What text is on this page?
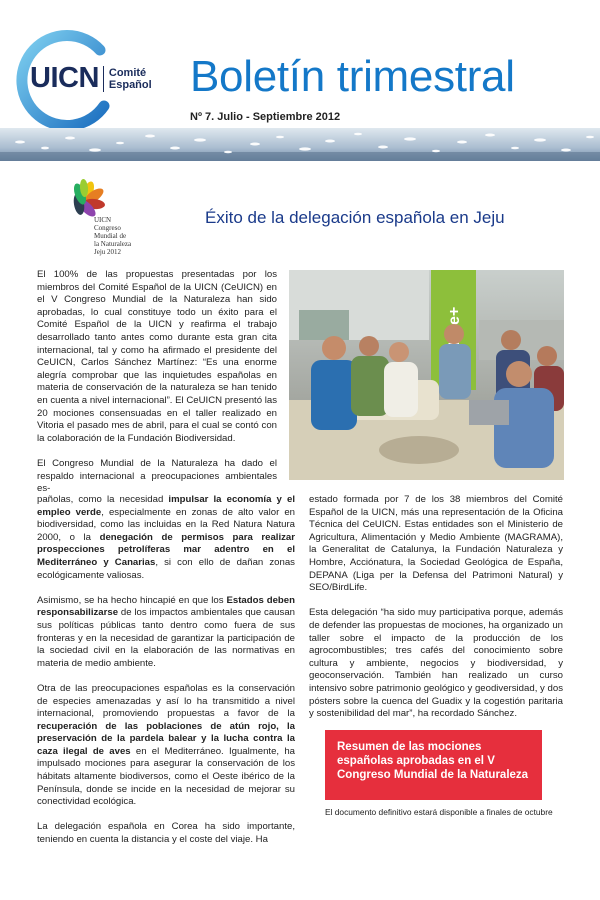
UICN Comité
Español Boletín trimestral
Nº 7. Julio - Septiembre 2012
UICN
Congreso
Mundial de
la Naturaleza
Jeju 2012
Éxito de la delegación española en Jeju

El 100% de las propuestas presentadas por los miembros del Comité Español de la UICN (CeUICN) en el V Congreso Mundial de la Naturaleza han sido aprobadas, lo cual constituye todo un éxito para el Comité Español de la UICN y reafirma el trabajo desarrollado tanto antes como durante esta gran cita internacional, tal y como ha afirmado el presidente del CeUICN, Carlos Sánchez Martínez: “Es una enorme alegría comprobar que las inquietudes españolas en materia de conservación de la naturaleza se han tenido en cuenta a nivel internacional”. El CeUICN presentó las 20 mociones consensuadas en el taller realizado en Vitoria el pasado mes de abril, para el cual se contó con la colaboración de la Fundación Biodiversidad.

El Congreso Mundial de la Naturaleza ha dado el respaldo internacional a preocupaciones ambientales es-

pañolas, como la necesidad impulsar la economía y el empleo verde, especialmente en zonas de alto valor en biodiversidad, como las incluidas en la Red Natura Natura 2000, o la denegación de permisos para realizar prospecciones petrolíferas mar adentro en el Mediterráneo y Canarias, si con ello de dañan zonas ecológicamente valiosas.

Asimismo, se ha hecho hincapié en que los Estados deben responsabilizarse de los impactos ambientales que causan sus políticas públicas tanto dentro como fuera de sus fronteras y en la necesidad de garantizar la participación de la sociedad civil en la elaboración de las normativas en materia de medio ambiente.

Otra de las preocupaciones españolas es la conservación de especies amenazadas y así lo ha transmitido a nivel internacional, promoviendo propuestas a favor de la recuperación de las poblaciones de atún rojo, la preservación de la pardela balear y la lucha contra la caza ilegal de aves en el Mediterráneo. Igualmente, ha impulsado mociones para asegurar la conservación de los hábitats altamente biodiversos, como el Oeste ibérico de la Península, donde se incide en la necesidad de mejorar su conectividad ecológica.

La delegación española en Corea ha sido importante, teniendo en cuenta la distancia y el coste del viaje. Ha

estado formada por 7 de los 38 miembros del Comité Español de la UICN, más una representación de la Oficina Técnica del CeUICN. Estas entidades son el Ministerio de Agricultura, Alimentación y Medio Ambiente (MAGRAMA), la Generalitat de Catalunya, la Fundación Naturaleza y Hombre, Acciónatura, la Sociedad Geológica de España, DEPANA (Liga per la Defensa del Patrimoni Natural) y SEO/BirdLife.

Esta delegación “ha sido muy participativa porque, además de defender las propuestas de mociones, ha organizado un taller sobre el impacto de la producción de los agrocombustibles; tres cafés del conocimiento sobre cultura y ambiente, negocios y biodiversidad, y geoconservación. También han realizado un curso intensivo sobre patrimonio geológico y geodiversidad, y dos pósters sobre la cuenca del Guadix y la cogestión paritaria y sostenibilidad del mar”, ha recordado Sánchez.

Resumen de las mociones españolas aprobadas en el V Congreso Mundial de la Naturaleza
El documento definitivo estará disponible a finales de octubre
